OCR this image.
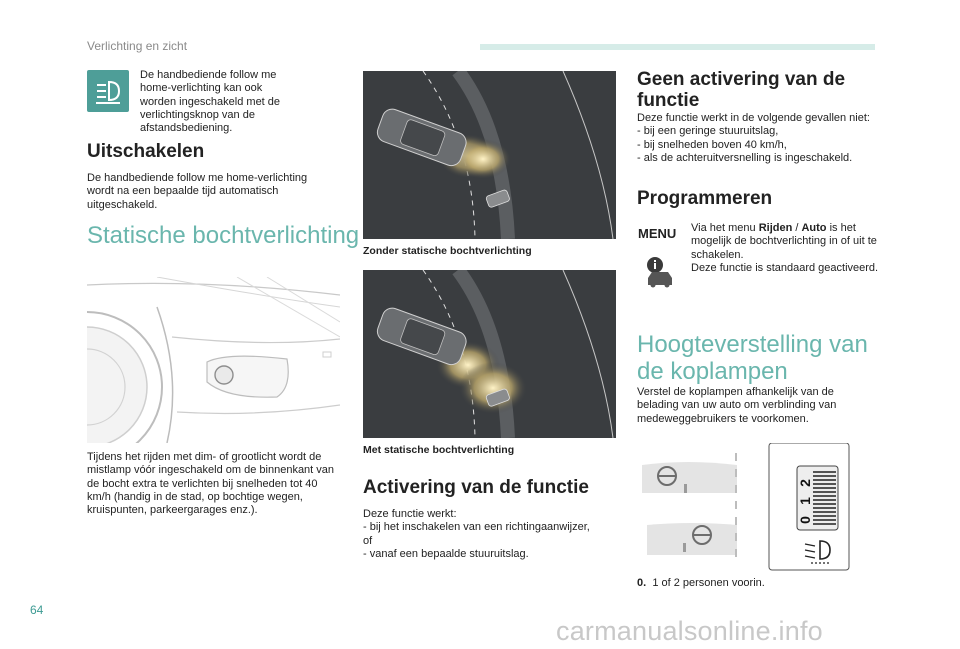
Verlichting en zicht
De handbediende follow me home-verlichting kan ook worden ingeschakeld met de verlichtingsknop van de afstandsbediening.
Uitschakelen
De handbediende follow me home-verlichting wordt na een bepaalde tijd automatisch uitgeschakeld.
Statische bochtverlichting
Tijdens het rijden met dim- of grootlicht wordt de mistlamp vóór ingeschakeld om de binnenkant van de bocht extra te verlichten bij snelheden tot 40 km/h (handig in de stad, op bochtige wegen, kruispunten, parkeergarages enz.).
Zonder statische bochtverlichting
Met statische bochtverlichting
Activering van de functie
Deze functie werkt:
- bij het inschakelen van een richtingaanwijzer,
of
- vanaf een bepaalde stuuruitslag.
Geen activering van de functie
Deze functie werkt in de volgende gevallen niet:
- bij een geringe stuuruitslag,
- bij snelheden boven 40 km/h,
- als de achteruitversnelling is ingeschakeld.
Programmeren
MENU Via het menu Rijden / Auto is het mogelijk de bochtverlichting in of uit te schakelen.
Deze functie is standaard geactiveerd.
Hoogteverstelling van de koplampen
Verstel de koplampen afhankelijk van de belading van uw auto om verblinding van medeweggebruikers te voorkomen.
2
1
0
0. 1 of 2 personen voorin.
64
carmanualsonline.info
